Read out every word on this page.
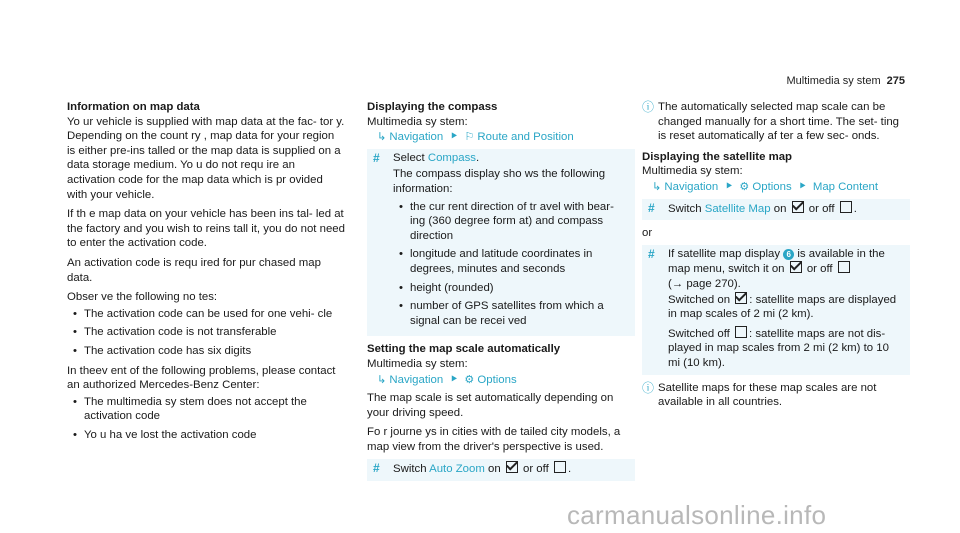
Multimedia sy stem 275
Information on map data

Yo ur vehicle is supplied with map data at the fac‐ tor y. Depending on the count ry , map data for your region is either pre-ins talled or the map data is supplied on a data storage medium. Yo u do not requ ire an activation code for the map data which is pr ovided with your vehicle.

If th e map data on your vehicle has been ins tal‐ led at the factory and you wish to reins tall it, you do not need to enter the activation code.

An activation code is requ ired for pur chased map data.

Obser ve the following no tes:

• The activation code can be used for one vehi‐ cle
• The activation code is not transferable
• The activation code has six digits

In theev ent of the following problems, please contact an authorized Mercedes‑Benz Center:

• The multimedia sy stem does not accept the activation code
• Yo u ha ve lost the activation code
Displaying the compass
Multimedia sy stem:
↳ Navigation ⯈ ⚐ Route and Position
#	Select Compass.

The compass display sho ws the following information:

• the cur rent direction of tr avel with bear‐ ing (360 degree form at) and compass direction
• longitude and latitude coordinates in degrees, minutes and seconds
• height (rounded)
• number of GPS satellites from which a signal can be recei ved
Setting the map scale automatically
Multimedia sy stem:
↳ Navigation ⯈ ⚙ Options

The map scale is set automatically depending on your driving speed.

Fo r journe ys in cities with de tailed city models, a map view from the driver's perspective is used.

#	Switch Auto Zoom on or off .
ⓘ The automatically selected map scale can be changed manually for a short time. The set‐ ting is reset automatically af ter a few sec‐ onds.
Displaying the satellite map
Multimedia sy stem:
↳ Navigation ⯈ ⚙ Options ⯈ Map Content
#	Switch Satellite Map on or off .
or
#	If satellite map display 6 is available in the map menu, switch it on or off
(→ page 270).
Switched on : satellite maps are displayed in map scales of 2 mi (2 km).

Switched off : satellite maps are not dis‐ played in map scales from 2 mi (2 km) to 10 mi (10 km).

ⓘ Satellite maps for these map scales are not available in all countries.
carmanualsonline.info
